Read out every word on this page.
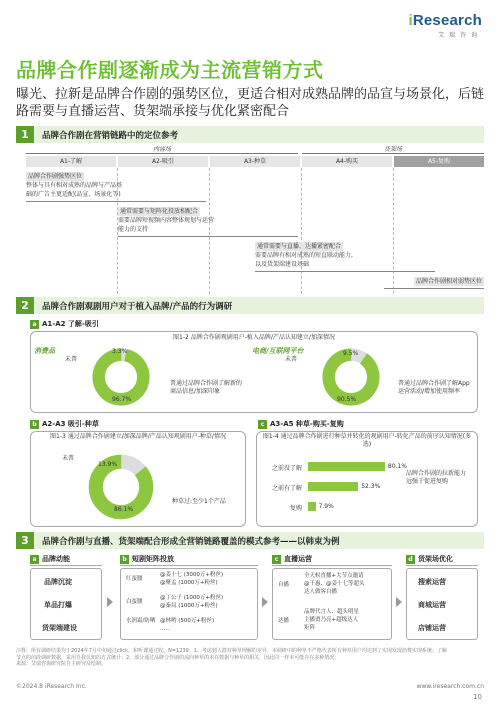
iResearch
艾瑞咨询
品牌合作剧逐渐成为主流营销方式
曝光、拉新是品牌合作剧的强势区位，更适合相对成熟品牌的品宣与场景化，后链路需要与直播运营、货架端承接与优化紧密配合
1	品牌合作剧在营销链路中的定位参考
内容场	货架场
A1-了解	A2-吸引	A3-种草	A4-购买	A5-复购
品牌合作剧强势区位
整体与具有相对成熟的品牌与产品基
础的广告主更适配(品宣、场景化等)
通常需要与矩阵化投放相配合
需要品牌短视频内容整体规划与运营
能力的支持
通常需要与直播、达播紧密配合
需要品牌有相对成熟的短直联动能力,
以及货架端建设基础
品牌合作剧相对弱势区位
2	品牌合作剧观剧用户对于植入品牌/产品的行为调研
a A1-A2 了解-吸引
图1-2 品牌合作剧观剧用户-植入品牌/产品认知建立/加深情况
消费品
未普
3.3%
96.7%
普通过品牌合作剧了解新的商品信息/加深印象
电商/互联网平台
未普
9.5%
90.5%
普通过品牌合作剧了解App运营活动/增加使用频率
b A2-A3 吸引-种草
图1-3 通过品牌合作剧建立/加深品牌/产品认知观剧用户-种草/情况
未普
13.9%
86.1%
种草过:至少1个产品
c A3-A5 种草-购买-复购
图1-4 通过品牌合作剧进行种草并转化的观剧用户-转化产品的前序认知情况(多选)
之前没了解	80.1%
之前有了解	52.3%
复购	7.9%
品牌合作剧的拉新能力远强于促进复购
3	品牌合作剧与直播、货架端配合形成全营销链路覆盖的模式参考——以韩束为例
a 品牌动能
品牌沉淀
单品打爆
货架端建设
b 短剧矩阵投放
红蛮腰
@姜十七 (3000万+粉丝)
@聚孟 (1000万+粉丝)
白蛮腰
@丁公子 (1000万+粉丝)
@秦局 (1000万+粉丝)
水润霜/防晒 @林哟 (500万+粉丝)
......
c 直播运营
自播
全天候直播+大节点邀请
@千惠、@姜十七等超头
达人做客自播
达播
品牌代言人、超头明星
主播贾乃亮+超级达人
矩阵
d 货架场优化
搜索运营
商城运营
店铺运营
注释：所有调研结果均于2024年7月中旬通过click、和听课通过收。N=1239；1、考虑到人群对种草理解的差异，本调研中的种草不严格代表所有种草用户均达到了实现发现消费实现系统；了解
节点的前段调研数据，采用自我认知的方式统计；2、部分通过品牌合作剧的流向种草的未在数据与种草的相关，因此同一样本可能存在多种情况。
来源：艾瑞咨询研究院自主研究及绘制。
©2024.8 iResearch Inc.	www.iresearch.com.cn
10
